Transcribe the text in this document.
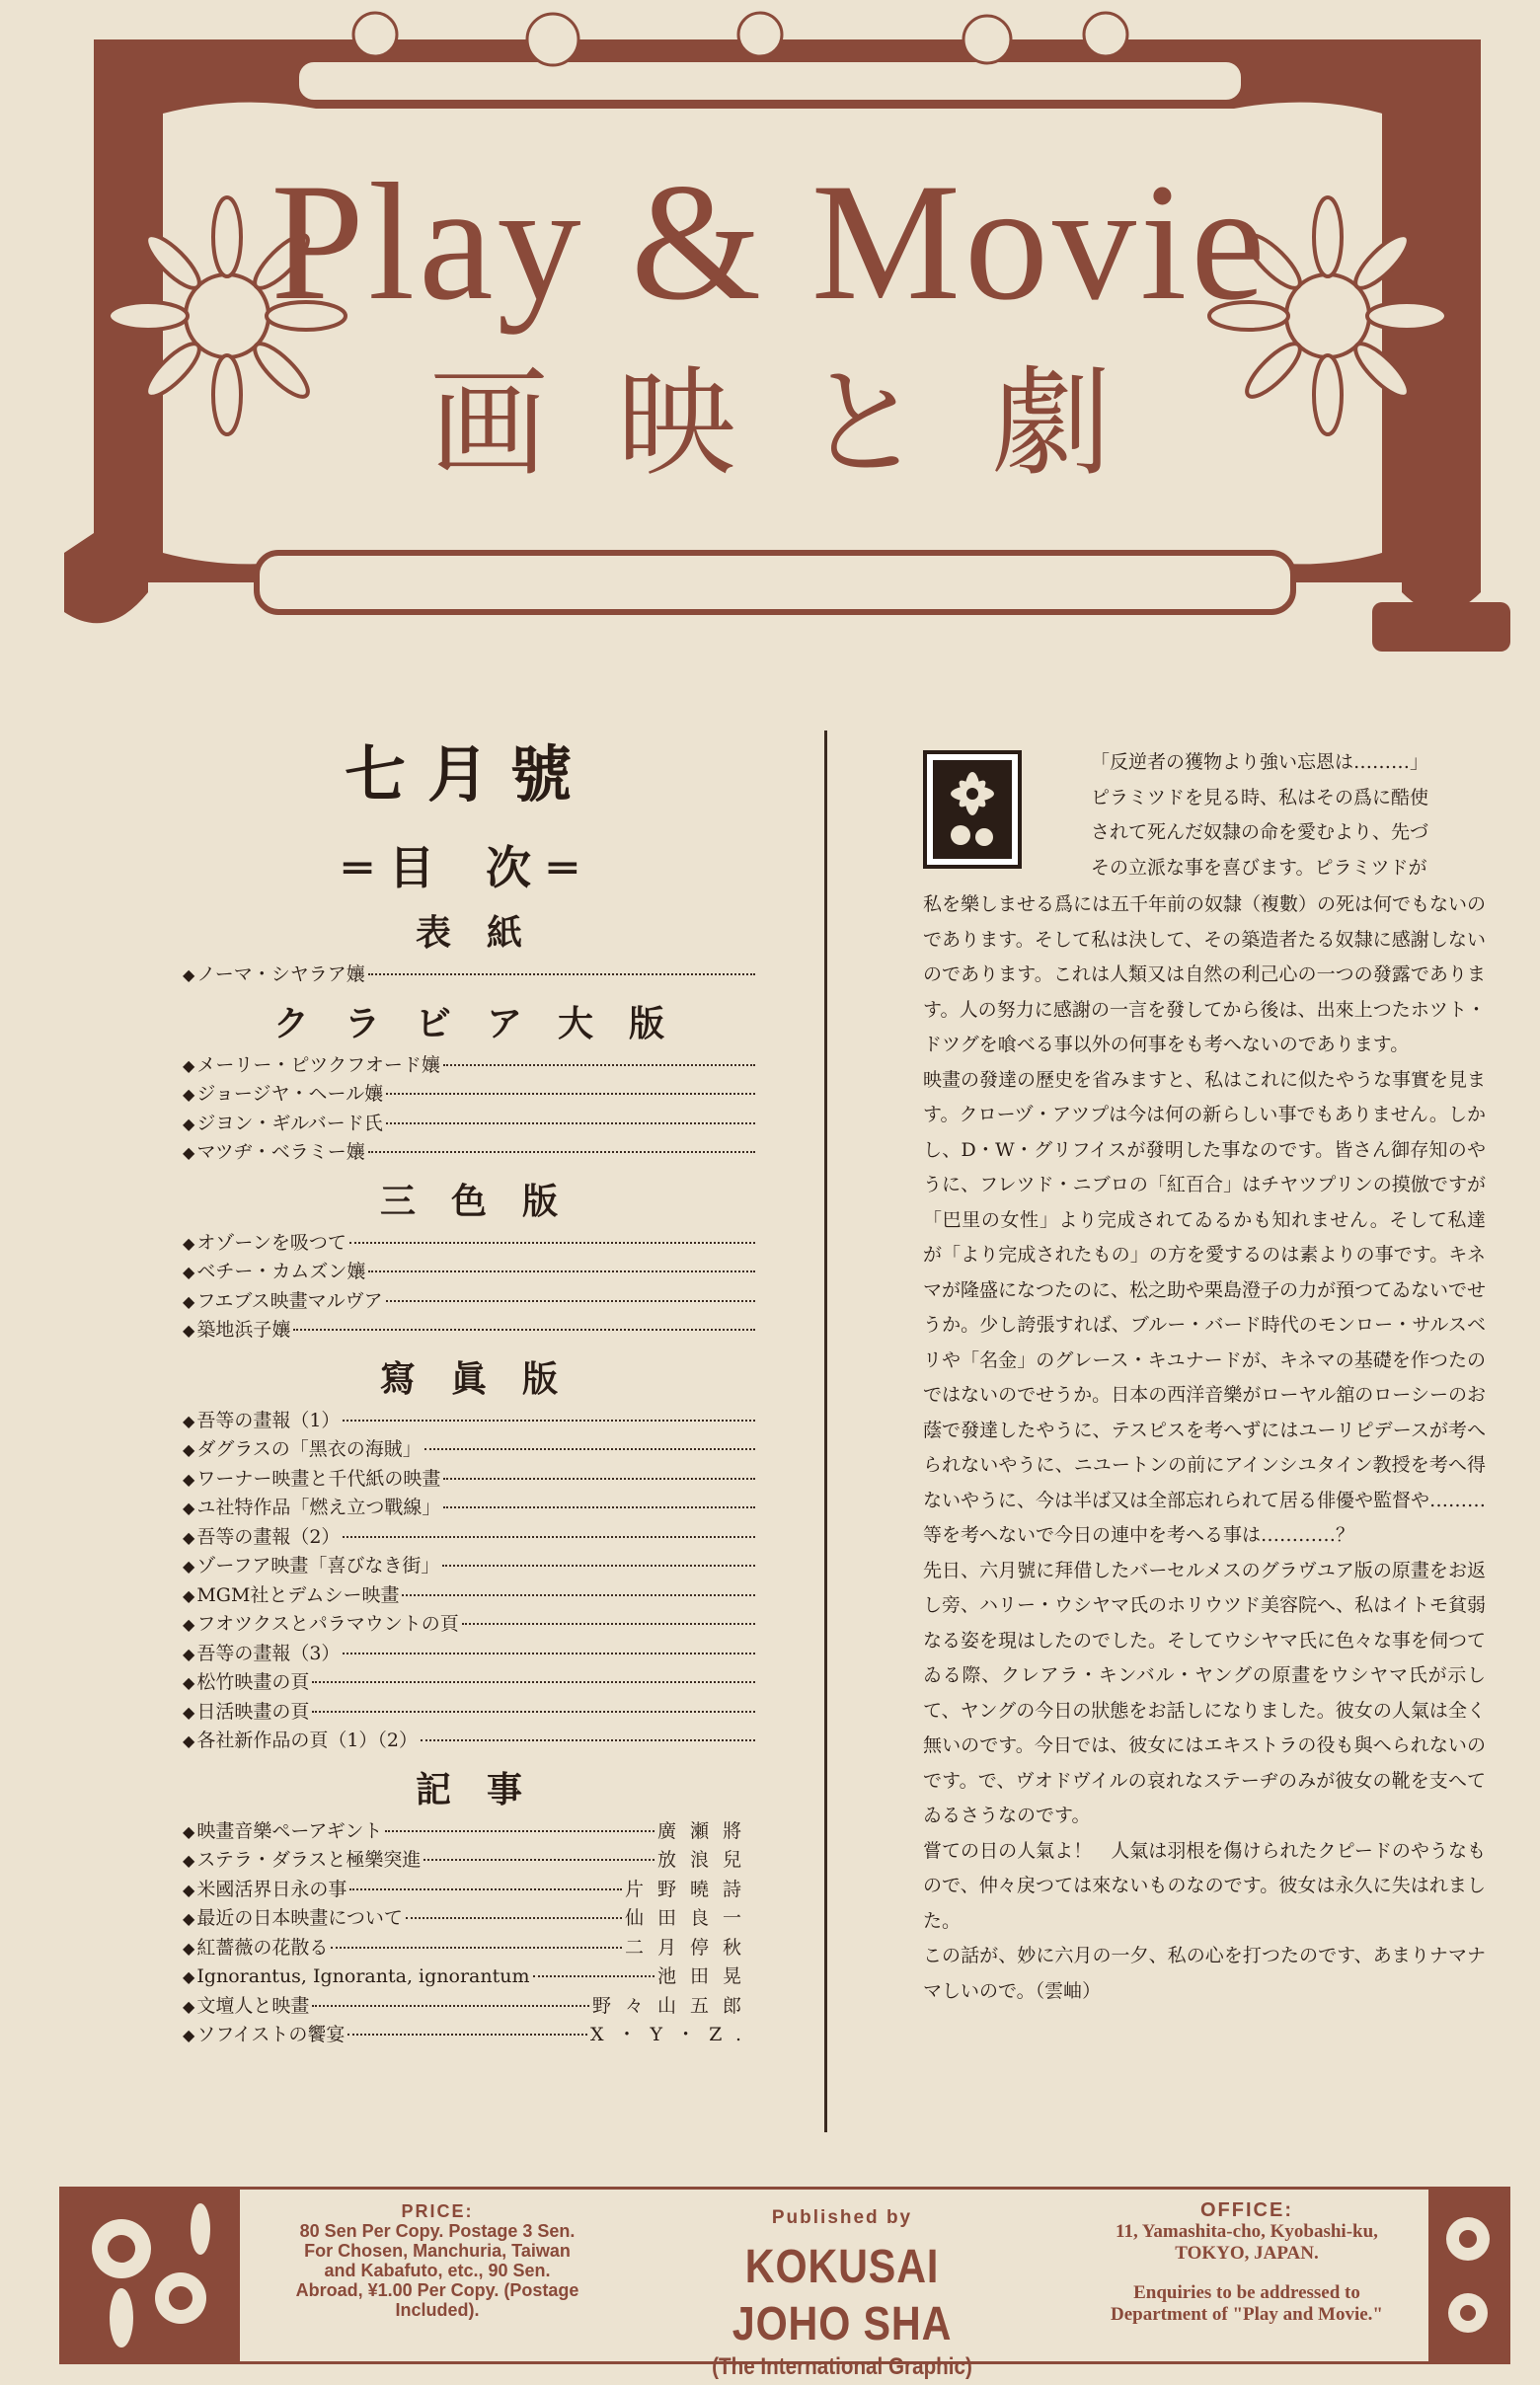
Play & Movie
画映と劇
七月號
═目 次═
表紙
◆ ノーマ・シヤラア孃
クラビア大版
◆ メーリー・ピツクフオード孃
◆ ジョージヤ・ヘール孃
◆ ジヨン・ギルバード氏
◆ マツヂ・ベラミー孃
三色版
◆ オゾーンを吸つて
◆ ベチー・カムズン孃
◆ フエブス映畫マルヴア
◆ 築地浜子孃
寫眞版
◆ 吾等の畫報（1）
◆ ダグラスの「黑衣の海賊」
◆ ワーナー映畫と千代紙の映畫
◆ ユ社特作品「燃え立つ戰線」
◆ 吾等の畫報（2）
◆ ゾーフア映畫「喜びなき街」
◆ MGM社とデムシー映畫
◆ フオツクスとパラマウントの頁
◆ 吾等の畫報（3）
◆ 松竹映畫の頁
◆ 日活映畫の頁
◆ 各社新作品の頁（1）（2）
記事
◆ 映畫音樂ペーアギント	廣瀬將
◆ ステラ・ダラスと極樂突進	放浪兒
◆ 米國活界日永の事	片野曉詩
◆ 最近の日本映畫について	仙田良一
◆ 紅薔薇の花散る	二月停秋
◆ Ignorantus, Ignoranta, ignorantum	池田晃
◆ 文壇人と映畫	野々山五郎
◆ ソフイストの饗宴	X・Y・Z.

「反逆者の獲物より強い忘恩は………」

ピラミツドを見る時、私はその爲に酷使

されて死んだ奴隸の命を愛むより、先づ

その立派な事を喜びます。ピラミツドが

私を樂しませる爲には五千年前の奴隸（複數）の死は何でもないのであります。そして私は決して、その築造者たる奴隸に感謝しないのであります。これは人類又は自然の利己心の一つの發露であります。人の努力に感謝の一言を發してから後は、出來上つたホツト・ドツグを喰べる事以外の何事をも考へないのであります。

映畫の發達の歷史を省みますと、私はこれに似たやうな事實を見ます。クローヅ・アツプは今は何の新らしい事でもありません。しかし、D・W・グリフイスが發明した事なのです。皆さん御存知のやうに、フレツド・ニブロの「紅百合」はチヤツプリンの摸倣ですが「巴里の女性」より完成されてゐるかも知れません。そして私達が「より完成されたもの」の方を愛するのは素よりの事です。キネマが隆盛になつたのに、松之助や栗島澄子の力が預つてゐないでせうか。少し誇張すれば、ブルー・バード時代のモンロー・サルスベリや「名金」のグレース・キユナードが、キネマの基礎を作つたのではないのでせうか。日本の西洋音樂がローヤル舘のローシーのお蔭で發達したやうに、テスピスを考へずにはユーリピデースが考へられないやうに、ニユートンの前にアインシユタイン教授を考へ得ないやうに、今は半ば又は全部忘れられて居る俳優や監督や………等を考へないで今日の連中を考へる事は…………？

先日、六月號に拜借したバーセルメスのグラヴユア版の原畫をお返し旁、ハリー・ウシヤマ氏のホリウツド美容院へ、私はイトモ貧弱なる姿を現はしたのでした。そしてウシヤマ氏に色々な事を伺つてゐる際、クレアラ・キンバル・ヤングの原畫をウシヤマ氏が示して、ヤングの今日の狀態をお話しになりました。彼女の人氣は全く無いのです。今日では、彼女にはエキストラの役も與へられないのです。で、ヴオドヴイルの哀れなステーヂのみが彼女の靴を支へてゐるさうなのです。

嘗ての日の人氣よ！　人氣は羽根を傷けられたクピードのやうなもので、仲々戾つては來ないものなのです。彼女は永久に失はれました。

この話が、妙に六月の一夕、私の心を打つたのです、あまりナマナマしいので。（雲岫）

PRICE:
80 Sen Per Copy. Postage 3 Sen.
For Chosen, Manchuria, Taiwan
and Kabafuto, etc., 90 Sen.
Abroad, ¥1.00 Per Copy. (Postage
Included).
Published by
KOKUSAI JOHO SHA
(The International Graphic)
OFFICE:
11, Yamashita-cho, Kyobashi-ku,
TOKYO, JAPAN.
Enquiries to be addressed to
Department of "Play and Movie."
